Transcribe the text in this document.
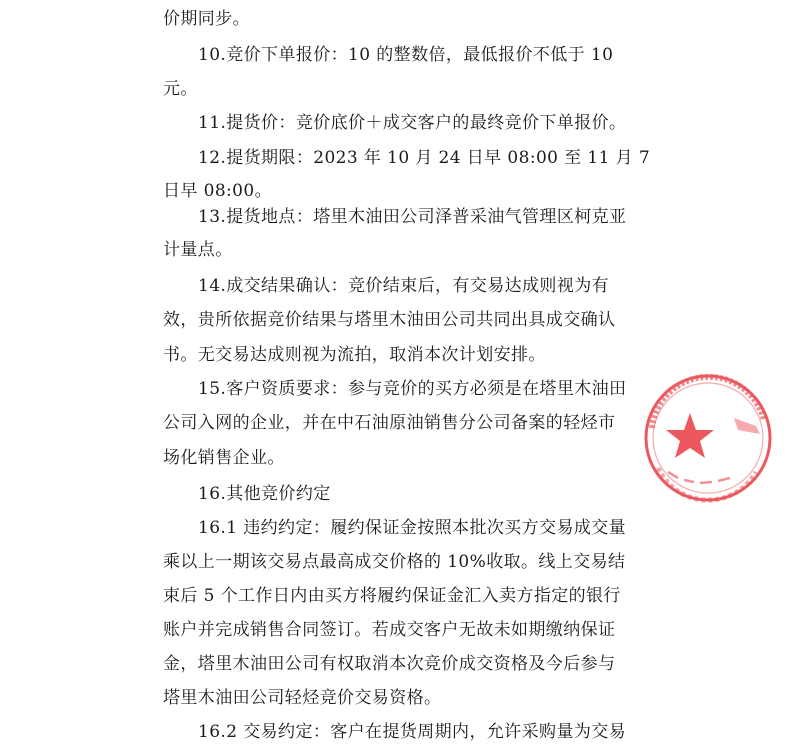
价期同步。
10.竞价下单报价：10 的整数倍，最低报价不低于 10
元。
11.提货价：竞价底价＋成交客户的最终竞价下单报价。
12.提货期限：2023 年 10 月 24 日早 08:00 至 11 月 7
日早 08:00。
13.提货地点：塔里木油田公司泽普采油气管理区柯克亚
计量点。
14.成交结果确认：竞价结束后，有交易达成则视为有
效，贵所依据竞价结果与塔里木油田公司共同出具成交确认
书。无交易达成则视为流拍，取消本次计划安排。
15.客户资质要求：参与竞价的买方必须是在塔里木油田
公司入网的企业，并在中石油原油销售分公司备案的轻烃市
场化销售企业。
16.其他竞价约定
16.1 违约约定：履约保证金按照本批次买方交易成交量
乘以上一期该交易点最高成交价格的 10%收取。线上交易结
束后 5 个工作日内由买方将履约保证金汇入卖方指定的银行
账户并完成销售合同签订。若成交客户无故未如期缴纳保证
金，塔里木油田公司有权取消本次竞价成交资格及今后参与
塔里木油田公司轻烃竞价交易资格。
16.2 交易约定：客户在提货周期内，允许采购量为交易
